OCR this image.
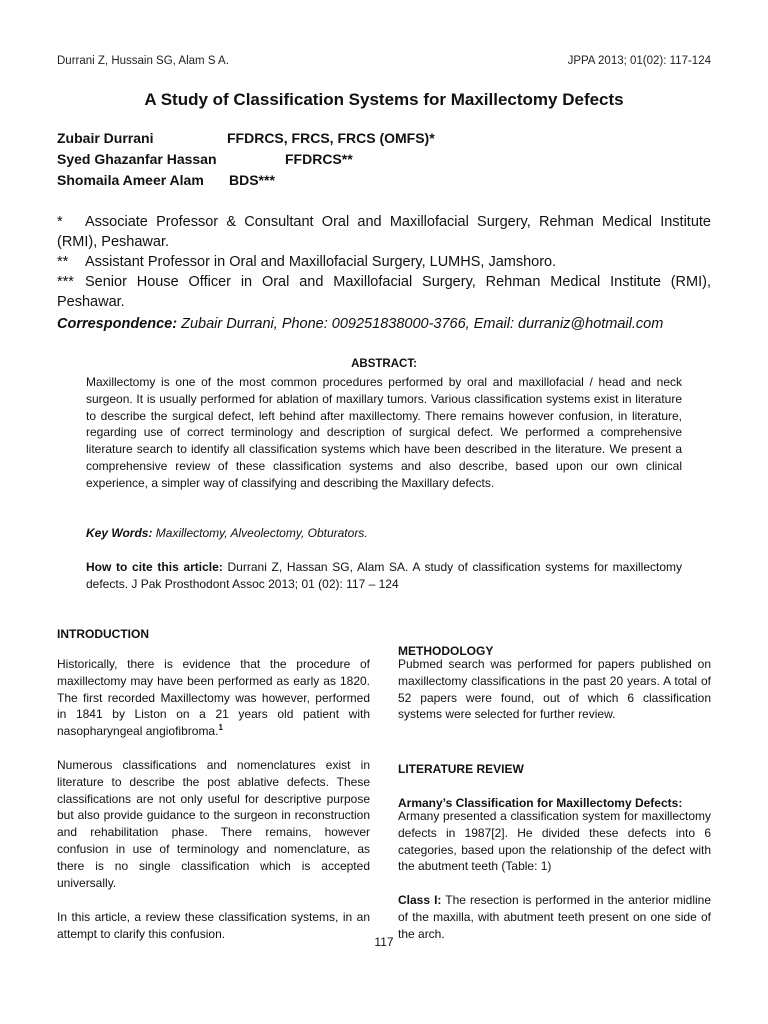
Durrani Z, Hussain SG, Alam S A.	JPPA 2013; 01(02): 117-124
A Study of Classification Systems for Maxillectomy Defects
Zubair Durrani	FFDRCS, FRCS, FRCS (OMFS)*
Syed Ghazanfar Hassan	FFDRCS**
Shomaila Ameer Alam BDS***

* Associate Professor & Consultant Oral and Maxillofacial Surgery, Rehman Medical Institute (RMI), Peshawar.

** Assistant Professor in Oral and Maxillofacial Surgery, LUMHS, Jamshoro.

*** Senior House Officer in Oral and Maxillofacial Surgery, Rehman Medical Institute (RMI), Peshawar.

Correspondence: Zubair Durrani, Phone: 009251838000-3766, Email: durraniz@hotmail.com
ABSTRACT:

Maxillectomy is one of the most common procedures performed by oral and maxillofacial / head and neck surgeon. It is usually performed for ablation of maxillary tumors. Various classification systems exist in literature to describe the surgical defect, left behind after maxillectomy. There remains however confusion, in literature, regarding use of correct terminology and description of surgical defect. We performed a comprehensive literature search to identify all classification systems which have been described in the literature. We present a comprehensive review of these classification systems and also describe, based upon our own clinical experience, a simpler way of classifying and describing the Maxillary defects.

Key Words: Maxillectomy, Alveolectomy, Obturators.

How to cite this article: Durrani Z, Hassan SG, Alam SA. A study of classification systems for maxillectomy defects. J Pak Prosthodont Assoc 2013; 01 (02): 117 – 124

INTRODUCTION

Historically, there is evidence that the procedure of maxillectomy may have been performed as early as 1820. The first recorded Maxillectomy was however, performed in 1841 by Liston on a 21 years old patient with nasopharyngeal angiofibroma.$^1$

Numerous classifications and nomenclatures exist in literature to describe the post ablative defects. These classifications are not only useful for descriptive purpose but also provide guidance to the surgeon in reconstruction and rehabilitation phase. There remains, however confusion in use of terminology and nomenclature, as there is no single classification which is accepted universally.

In this article, a review these classification systems, in an attempt to clarify this confusion.

METHODOLOGY

Pubmed search was performed for papers published on maxillectomy classifications in the past 20 years. A total of 52 papers were found, out of which 6 classification systems were selected for further review.

LITERATURE REVIEW
Armany’s Classification for Maxillectomy Defects:

Armany presented a classification system for maxillectomy defects in 1987[2]. He divided these defects into 6 categories, based upon the relationship of the defect with the abutment teeth (Table: 1)

Class I: The resection is performed in the anterior midline of the maxilla, with abutment teeth present on one side of the arch.

117
